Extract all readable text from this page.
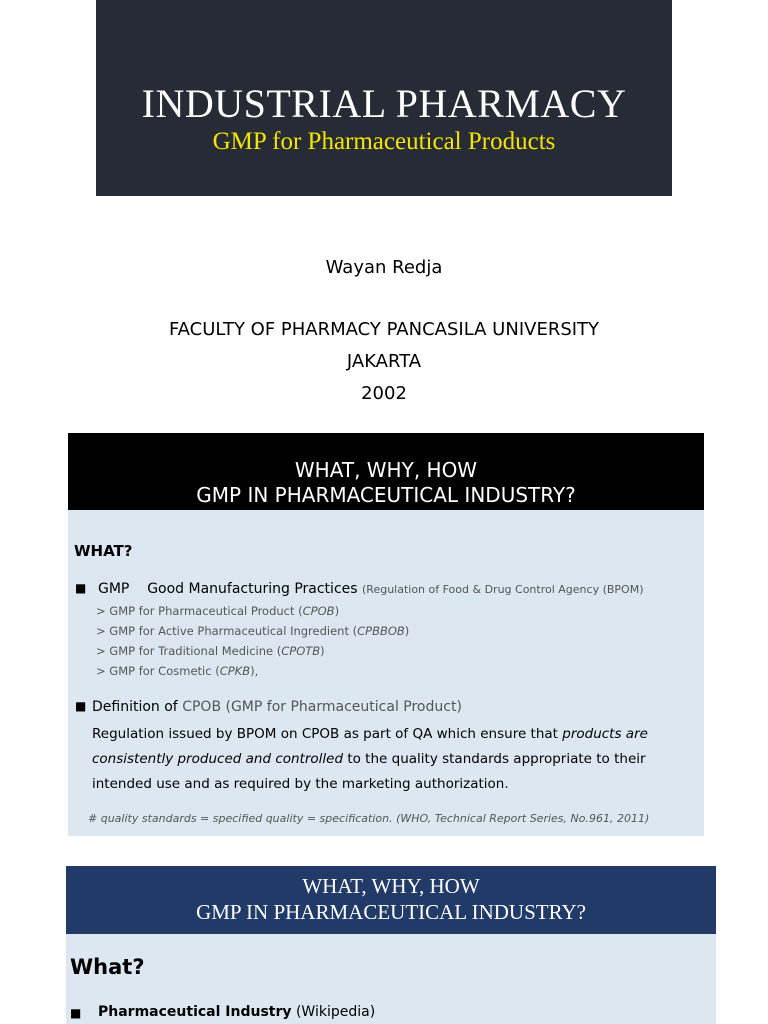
INDUSTRIAL PHARMACY
GMP for Pharmaceutical Products
Wayan Redja
FACULTY OF PHARMACY PANCASILA UNIVERSITY
JAKARTA
2002
WHAT, WHY, HOW
GMP IN PHARMACEUTICAL INDUSTRY?
WHAT?
■ GMP Good Manufacturing Practices (Regulation of Food & Drug Control Agency (BPOM)
> GMP for Pharmaceutical Product (CPOB)
> GMP for Active Pharmaceutical Ingredient (CPBBOB)
> GMP for Traditional Medicine (CPOTB)
> GMP for Cosmetic (CPKB),
■ Definition of CPOB (GMP for Pharmaceutical Product)
Regulation issued by BPOM on CPOB as part of QA which ensure that products are consistently produced and controlled to the quality standards appropriate to their intended use and as required by the marketing authorization.
# quality standards = specified quality = specification. (WHO, Technical Report Series, No.961, 2011)
WHAT, WHY, HOW
GMP IN PHARMACEUTICAL INDUSTRY?
What?
■ Pharmaceutical Industry (Wikipedia)
